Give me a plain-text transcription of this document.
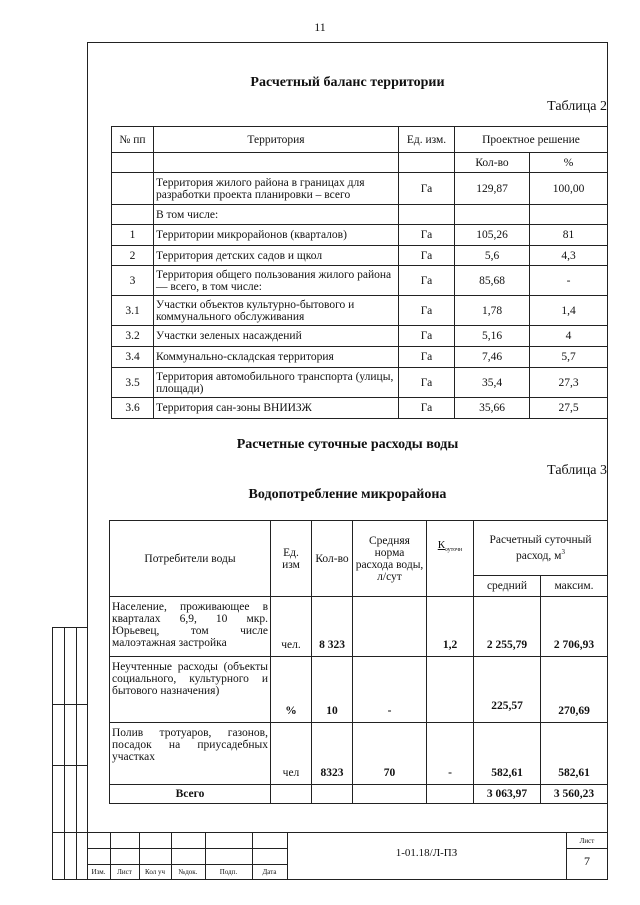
11
Расчетный баланс территории
Таблица 2
№ пп	Территория	Ед. изм.	Проектное решение	
			Кол-во	%
	Территория жилого района в границах для разработки проекта планировки – всего	Га	129,87	100,00
	В том числе:			
1	Территории микрорайонов (кварталов)	Га	105,26	81
2	Территория детских садов и щкол	Га	5,6	4,3
3	Территория общего пользования жилого района — всего, в том числе:	Га	85,68	-
3.1	Участки объектов культурно-бытового и коммунального обслуживания	Га	1,78	1,4
3.2	Участки зеленых насаждений	Га	5,16	4
3.4	Коммунально-складская территория	Га	7,46	5,7
3.5	Территория автомобильного транспорта (улицы, площади)	Га	35,4	27,3
3.6	Территория сан-зоны ВНИИЗЖ	Га	35,66	27,5
Расчетные суточные расходы воды
Таблица 3
Водопотребление микрорайона
Потребители воды	Ед. изм	Кол-во	Средняя норма расхода воды, л/сут	$К_{суточн}$	Расчетный суточный расход, $м^3$
					средний	максим.
Население, проживающее в кварталах 6,9, 10 мкр. Юрьевец, том числе малоэтажная застройка	чел.	8 323		1,2	2 255,79	2 706,93
Неучтенные расходы (объекты социального, культурного и бытового назначения)	%	10	-		225,57	270,69
Полив тротуаров, газонов, посадок на приусадебных участках	чел	8323	70	-	582,61	582,61
Всего					3 063,97	3 560,23
Изм.	Лист	Кол уч	№док.	Подп.	Дата
1-01.18/Л-ПЗ
Лист
7
